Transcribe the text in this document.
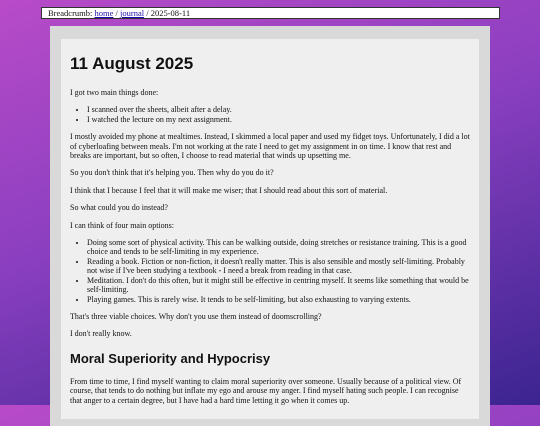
Breadcrumb: home / journal / 2025-08-11
11 August 2025

I got two main things done:

• I scanned over the sheets, albeit after a delay.
• I watched the lecture on my next assignment.

I mostly avoided my phone at mealtimes. Instead, I skimmed a local paper and used my fidget toys. Unfortunately, I did a lot of cyberloafing between meals. I'm not working at the rate I need to get my assignment in on time. I know that rest and breaks are important, but so often, I choose to read material that winds up upsetting me.

So you don't think that it's helping you. Then why do you do it?

I think that I because I feel that it will make me wiser; that I should read about this sort of material.

So what could you do instead?

I can think of four main options:

• Doing some sort of physical activity. This can be walking outside, doing stretches or resistance training. This is a good choice and tends to be self-limiting in my experience.
• Reading a book. Fiction or non-fiction, it doesn't really matter. This is also sensible and mostly self-limiting. Probably not wise if I've been studying a textbook - I need a break from reading in that case.
• Meditation. I don't do this often, but it might still be effective in centring myself. It seems like something that would be self-limiting.
• Playing games. This is rarely wise. It tends to be self-limiting, but also exhausting to varying extents.

That's three viable choices. Why don't you use them instead of doomscrolling?

I don't really know.

Moral Superiority and Hypocrisy

From time to time, I find myself wanting to claim moral superiority over someone. Usually because of a political view. Of course, that tends to do nothing but inflate my ego and arouse my anger. I find myself hating such people. I can recognise that anger to a certain degree, but I have had a hard time letting it go when it comes up.
